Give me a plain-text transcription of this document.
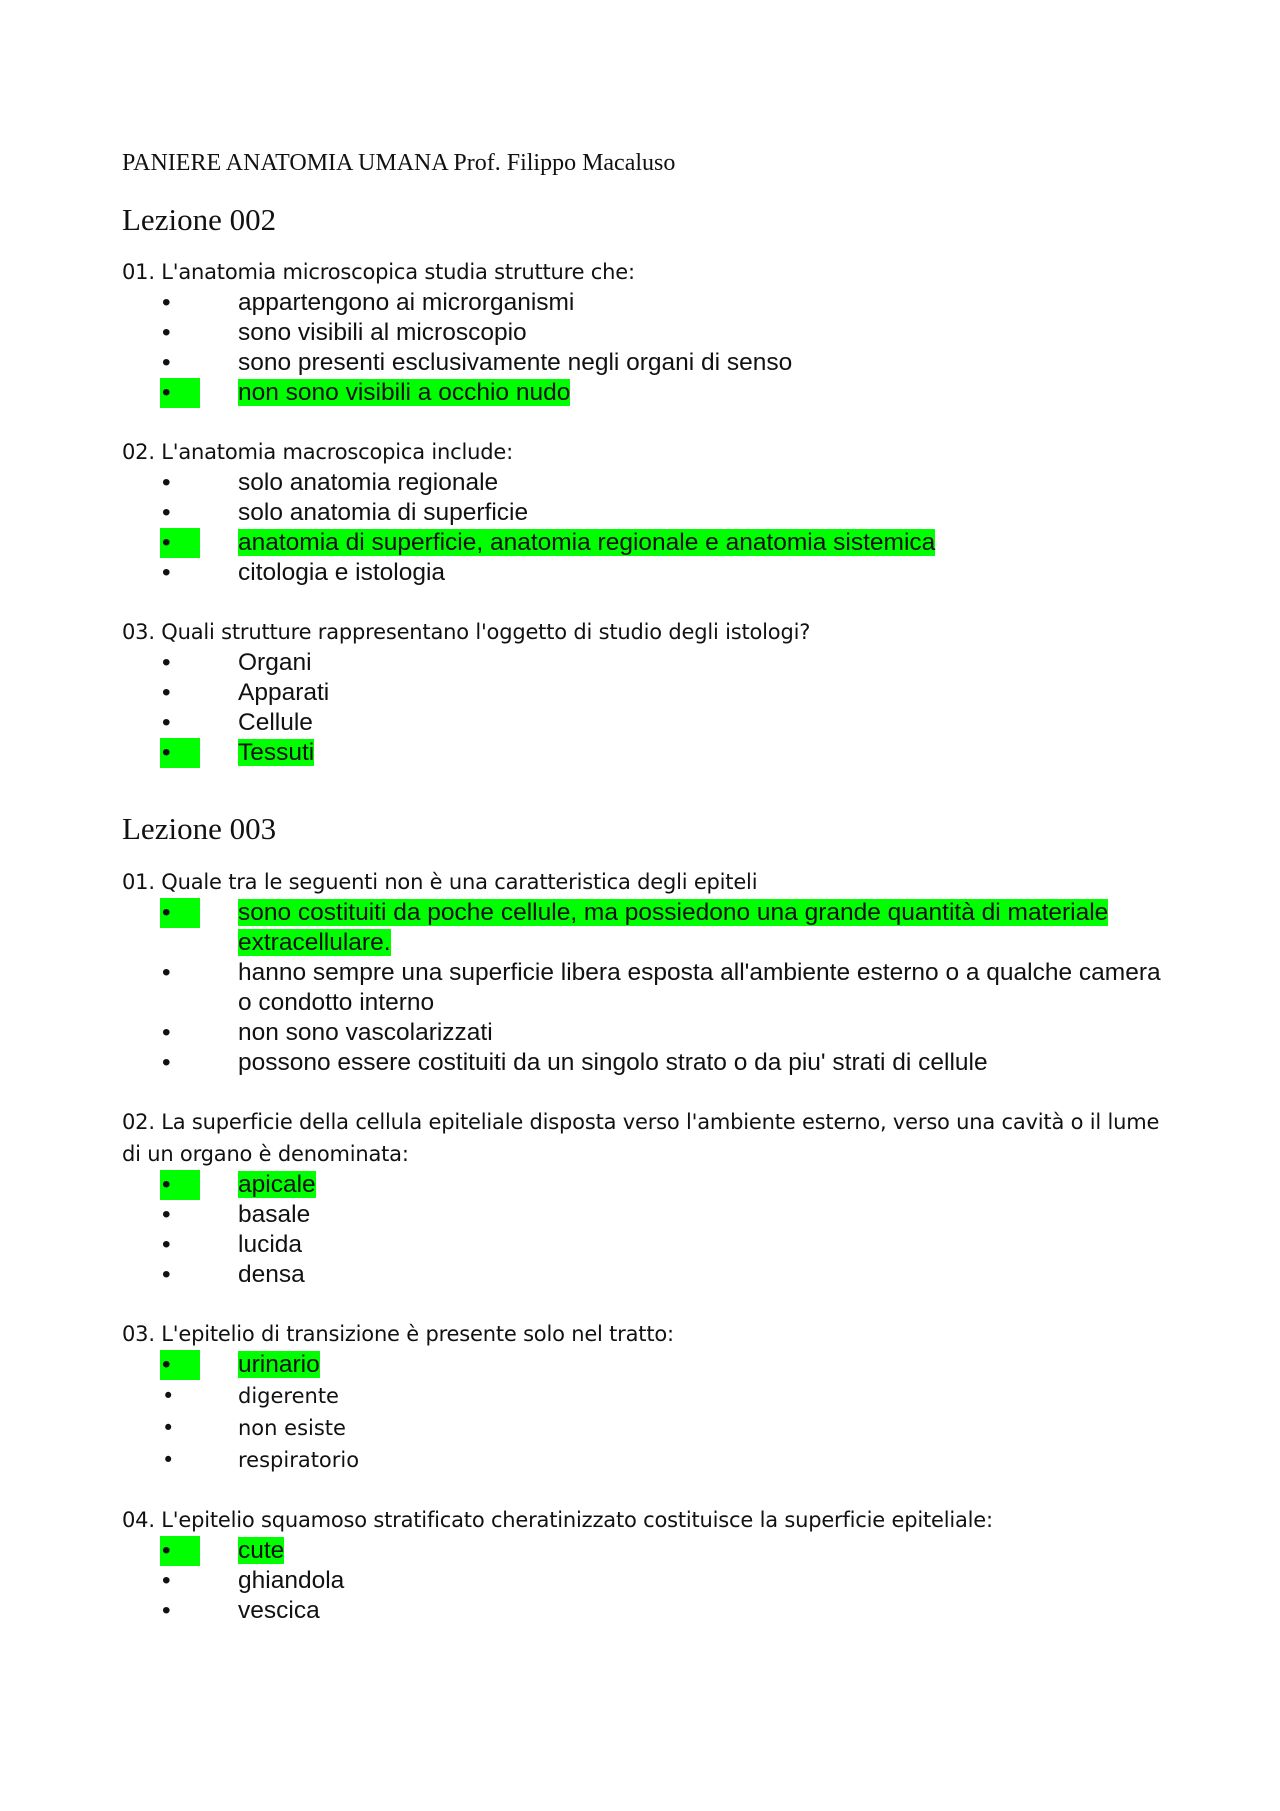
PANIERE ANATOMIA UMANA Prof. Filippo Macaluso
Lezione 002

01. L'anatomia microscopica studia strutture che:

•	appartengono ai microrganismi
•	sono visibili al microscopio
•	sono presenti esclusivamente negli organi di senso
•	non sono visibili a occhio nudo

02. L'anatomia macroscopica include:

•	solo anatomia regionale
•	solo anatomia di superficie
•	anatomia di superficie, anatomia regionale e anatomia sistemica
•	citologia e istologia

03. Quali strutture rappresentano l'oggetto di studio degli istologi?

•	Organi
•	Apparati
•	Cellule
•	Tessuti
Lezione 003

01. Quale tra le seguenti non è una caratteristica degli epiteli

•	sono costituiti da poche cellule, ma possiedono una grande quantità di materiale extracellulare.
•	hanno sempre una superficie libera esposta all'ambiente esterno o a qualche camera o condotto interno
•	non sono vascolarizzati
•	possono essere costituiti da un singolo strato o da piu' strati di cellule

02. La superficie della cellula epiteliale disposta verso l'ambiente esterno, verso una cavità o il lume di un organo è denominata:

•	apicale
•	basale
•	lucida
•	densa

03. L'epitelio di transizione è presente solo nel tratto:

•	urinario
•	digerente
•	non esiste
•	respiratorio

04. L'epitelio squamoso stratificato cheratinizzato costituisce la superficie epiteliale:

•	cute
•	ghiandola
•	vescica
